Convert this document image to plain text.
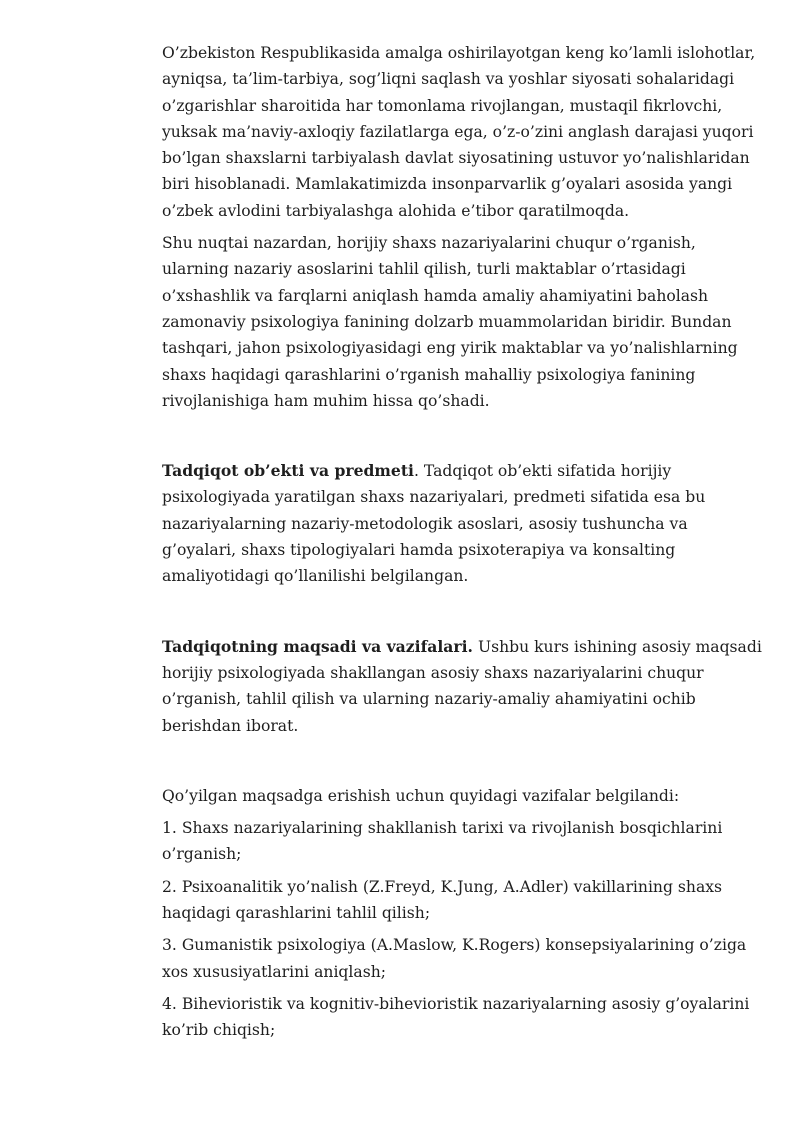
O’zbekiston Respublikasida amalga oshirilayotgan keng ko’lamli islohotlar, ayniqsa, ta’lim-tarbiya, sog’liqni saqlash va yoshlar siyosati sohalaridagi o’zgarishlar sharoitida har tomonlama rivojlangan, mustaqil fikrlovchi, yuksak ma’naviy-axloqiy fazilatlarga ega, o’z-o’zini anglash darajasi yuqori bo’lgan shaxslarni tarbiyalash davlat siyosatining ustuvor yo’nalishlaridan biri hisoblanadi. Mamlakatimizda insonparvarlik g’oyalari asosida yangi o’zbek avlodini tarbiyalashga alohida e’tibor qaratilmoqda.

Shu nuqtai nazardan, horijiy shaxs nazariyalarini chuqur o’rganish, ularning nazariy asoslarini tahlil qilish, turli maktablar o’rtasidagi o’xshashlik va farqlarni aniqlash hamda amaliy ahamiyatini baholash zamonaviy psixologiya fanining dolzarb muammolaridan biridir. Bundan tashqari, jahon psixologiyasidagi eng yirik maktablar va yo’nalishlarning shaxs haqidagi qarashlarini o’rganish mahalliy psixologiya fanining rivojlanishiga ham muhim hissa qo’shadi.

Tadqiqot ob’ekti va predmeti. Tadqiqot ob’ekti sifatida horijiy psixologiyada yaratilgan shaxs nazariyalari, predmeti sifatida esa bu nazariyalarning nazariy-metodologik asoslari, asosiy tushuncha va g’oyalari, shaxs tipologiyalari hamda psixoterapiya va konsalting amaliyotidagi qo’llanilishi belgilangan.

Tadqiqotning maqsadi va vazifalari. Ushbu kurs ishining asosiy maqsadi horijiy psixologiyada shakllangan asosiy shaxs nazariyalarini chuqur o’rganish, tahlil qilish va ularning nazariy-amaliy ahamiyatini ochib berishdan iborat.

Qo’yilgan maqsadga erishish uchun quyidagi vazifalar belgilandi:

1. Shaxs nazariyalarining shakllanish tarixi va rivojlanish bosqichlarini o’rganish;

2. Psixoanalitik yo’nalish (Z.Freyd, K.Jung, A.Adler) vakillarining shaxs haqidagi qarashlarini tahlil qilish;

3. Gumanistik psixologiya (A.Maslow, K.Rogers) konsepsiyalarining o’ziga xos xususiyatlarini aniqlash;

4. Bihevioristik va kognitiv-bihevioristik nazariyalarning asosiy g’oyalarini ko’rib chiqish;
